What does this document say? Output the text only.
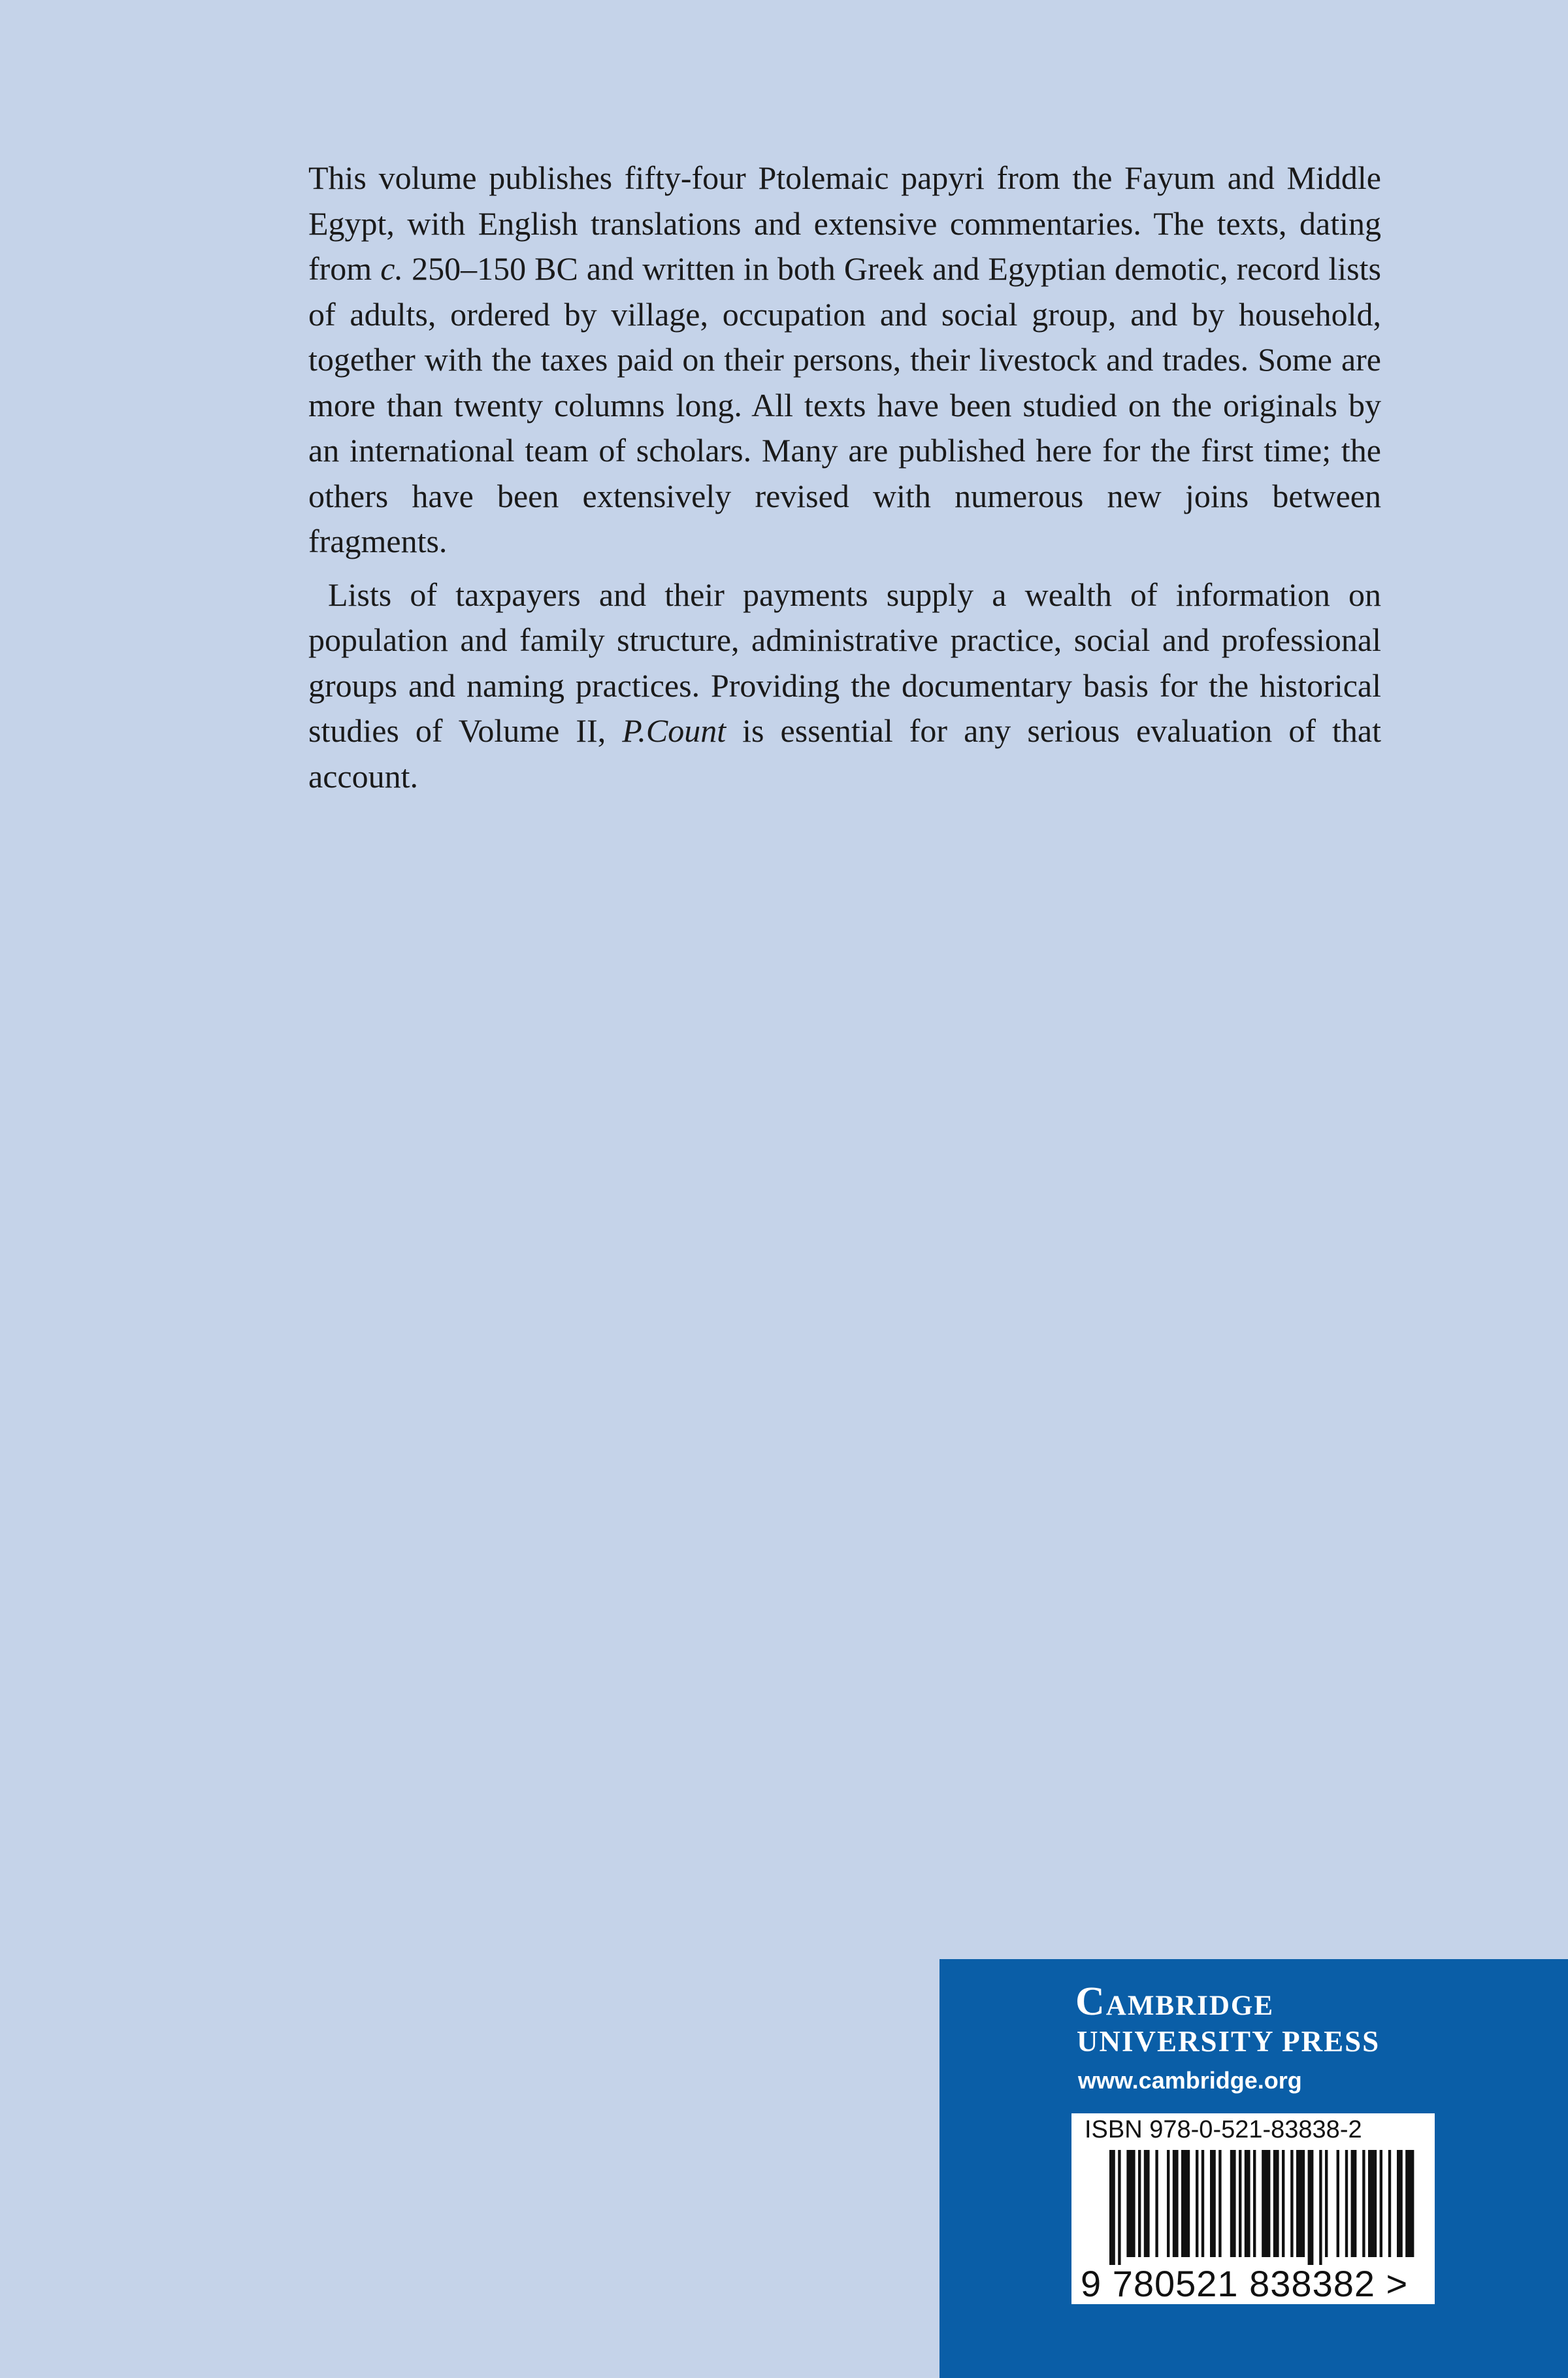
This volume publishes fifty-four Ptolemaic papyri from the Fayum and Middle Egypt, with English translations and extensive commentaries. The texts, dating from c. 250–150 BC and written in both Greek and Egyptian demotic, record lists of adults, ordered by village, occupation and social group, and by household, together with the taxes paid on their persons, their livestock and trades. Some are more than twenty columns long. All texts have been studied on the originals by an international team of scholars. Many are published here for the first time; the others have been extensively revised with numerous new joins between fragments.

Lists of taxpayers and their payments supply a wealth of information on population and family structure, administrative practice, social and professional groups and naming practices. Providing the documentary basis for the historical studies of Volume II, P.Count is essential for any serious evaluation of that account.

Cambridge
UNIVERSITY PRESS
www.cambridge.org
ISBN 978-0-521-83838-2
9 780521 838382 >
